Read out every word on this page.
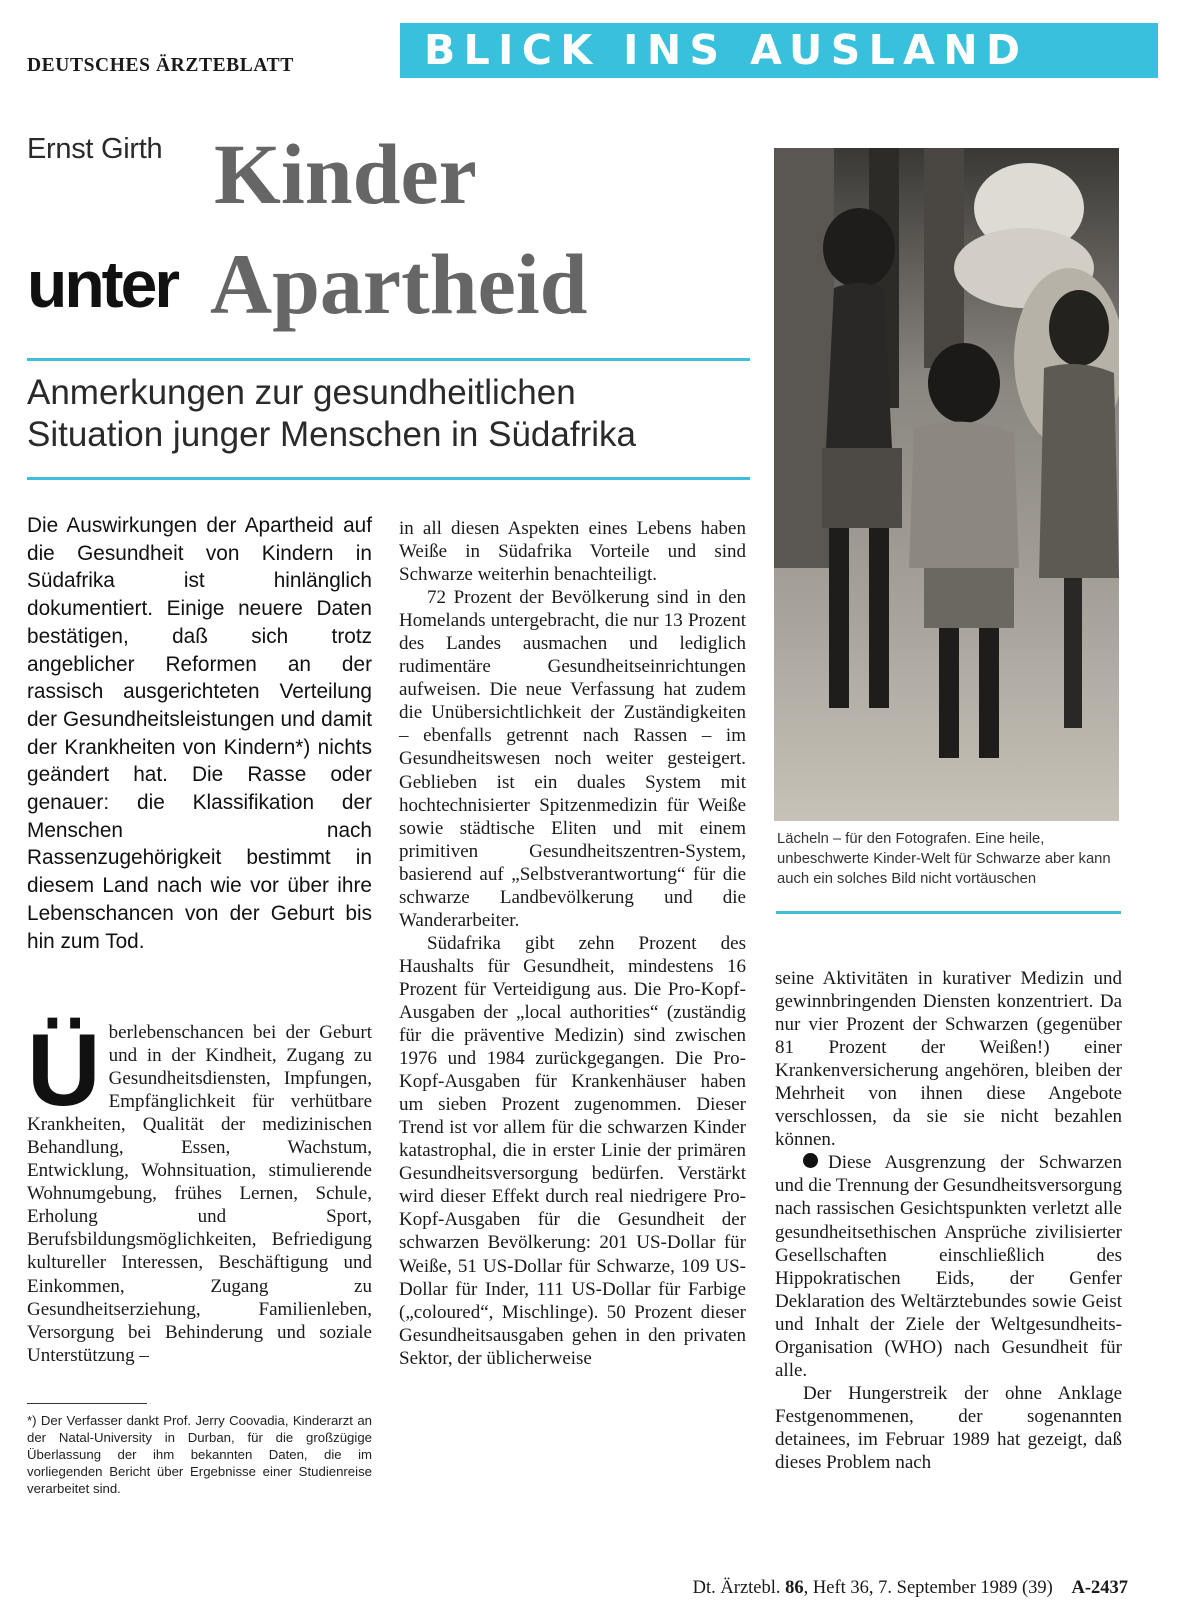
DEUTSCHES ÄRZTEBLATT	BLICK INS AUSLAND
Ernst Girth Kinder
unter Apartheid
Anmerkungen zur gesundheitlichen
Situation junger Menschen in Südafrika
Lächeln – für den Fotografen. Eine heile, unbeschwerte Kinder-Welt für Schwarze aber kann auch ein solches Bild nicht vortäuschen
Die Auswirkungen der Apartheid auf die Gesundheit von Kindern in Südafrika ist hinlänglich dokumentiert. Einige neuere Daten bestätigen, daß sich trotz angeblicher Reformen an der rassisch ausgerichteten Verteilung der Gesundheitsleistungen und damit der Krankheiten von Kindern*) nichts geändert hat. Die Rasse oder genauer: die Klassifikation der Menschen nach Rassenzugehörigkeit bestimmt in diesem Land nach wie vor über ihre Lebenschancen von der Geburt bis hin zum Tod.
Ü berlebenschancen bei der Geburt und in der Kindheit, Zugang zu Gesundheitsdiensten, Impfungen, Empfänglichkeit für verhütbare Krankheiten, Qualität der medizinischen Behandlung, Essen, Wachstum, Entwicklung, Wohnsituation, stimulierende Wohnumgebung, frühes Lernen, Schule, Erholung und Sport, Berufsbildungsmöglichkeiten, Befriedigung kultureller Interessen, Beschäftigung und Einkommen, Zugang zu Gesundheitserziehung, Familienleben, Versorgung bei Behinderung und soziale Unterstützung –

*) Der Verfasser dankt Prof. Jerry Coovadia, Kinderarzt an der Natal-University in Durban, für die großzügige Überlassung der ihm bekannten Daten, die im vorliegenden Bericht über Ergebnisse einer Studienreise verarbeitet sind.

in all diesen Aspekten eines Lebens haben Weiße in Südafrika Vorteile und sind Schwarze weiterhin benachteiligt.

72 Prozent der Bevölkerung sind in den Homelands untergebracht, die nur 13 Prozent des Landes ausmachen und lediglich rudimentäre Gesundheitseinrichtungen aufweisen. Die neue Verfassung hat zudem die Unübersichtlichkeit der Zuständigkeiten – ebenfalls getrennt nach Rassen – im Gesundheitswesen noch weiter gesteigert. Geblieben ist ein duales System mit hochtechnisierter Spitzenmedizin für Weiße sowie städtische Eliten und mit einem primitiven Gesundheitszentren-System, basierend auf „Selbstverantwortung“ für die schwarze Landbevölkerung und die Wanderarbeiter.

Südafrika gibt zehn Prozent des Haushalts für Gesundheit, mindestens 16 Prozent für Verteidigung aus. Die Pro-Kopf-Ausgaben der „local authorities“ (zuständig für die präventive Medizin) sind zwischen 1976 und 1984 zurückgegangen. Die Pro-Kopf-Ausgaben für Krankenhäuser haben um sieben Prozent zugenommen. Dieser Trend ist vor allem für die schwarzen Kinder katastrophal, die in erster Linie der primären Gesundheitsversorgung bedürfen. Verstärkt wird dieser Effekt durch real niedrigere Pro-Kopf-Ausgaben für die Gesundheit der schwarzen Bevölkerung: 201 US-Dollar für Weiße, 51 US-Dollar für Schwarze, 109 US-Dollar für Inder, 111 US-Dollar für Farbige („coloured“, Mischlinge). 50 Prozent dieser Gesundheitsausgaben gehen in den privaten Sektor, der üblicherweise

seine Aktivitäten in kurativer Medizin und gewinnbringenden Diensten konzentriert. Da nur vier Prozent der Schwarzen (gegenüber 81 Prozent der Weißen!) einer Krankenversicherung angehören, bleiben der Mehrheit von ihnen diese Angebote verschlossen, da sie sie nicht bezahlen können.

Diese Ausgrenzung der Schwarzen und die Trennung der Gesundheitsversorgung nach rassischen Gesichtspunkten verletzt alle gesundheitsethischen Ansprüche zivilisierter Gesellschaften einschließlich des Hippokratischen Eids, der Genfer Deklaration des Weltärztebundes sowie Geist und Inhalt der Ziele der Weltgesundheits-Organisation (WHO) nach Gesundheit für alle.

Der Hungerstreik der ohne Anklage Festgenommenen, der sogenannten detainees, im Februar 1989 hat gezeigt, daß dieses Problem nach

Dt. Ärztebl. 86, Heft 36, 7. September 1989 (39) A-2437
